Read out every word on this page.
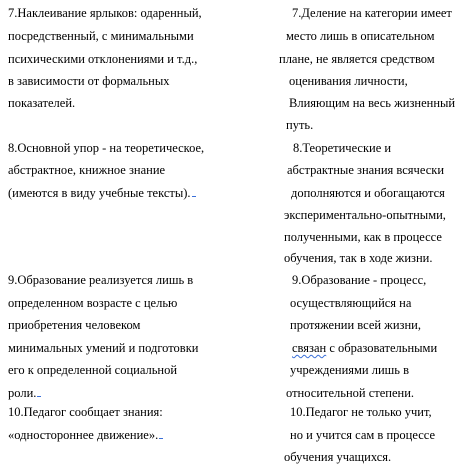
7.Наклеивание ярлыков: одаренный,
посредственный, с минимальными
психическими отклонениями и т.д.,
в зависимости от формальных
показателей.
8.Основной упор - на теоретическое,
абстрактное, книжное знание
(имеются в виду учебные тексты).
9.Образование реализуется лишь в
определенном возрасте с целью
приобретения человеком
минимальных умений и подготовки
его к определенной социальной
роли.
10.Педагог сообщает знания:
«одностороннее движение».
7.Деление на категории имеет
место лишь в описательном
плане, не является средством
оценивания личности,
Влияющим на весь жизненный
путь.
8.Теоретические и
абстрактные знания всячески
дополняются и обогащаются
экспериментально-опытными,
полученными, как в процессе
обучения, так в ходе жизни.
9.Образование - процесс,
осуществляющийся на
протяжении всей жизни,
связан с образовательными
учреждениями лишь в
относительной степени.
10.Педагог не только учит,
но и учится сам в процессе
обучения учащихся.
